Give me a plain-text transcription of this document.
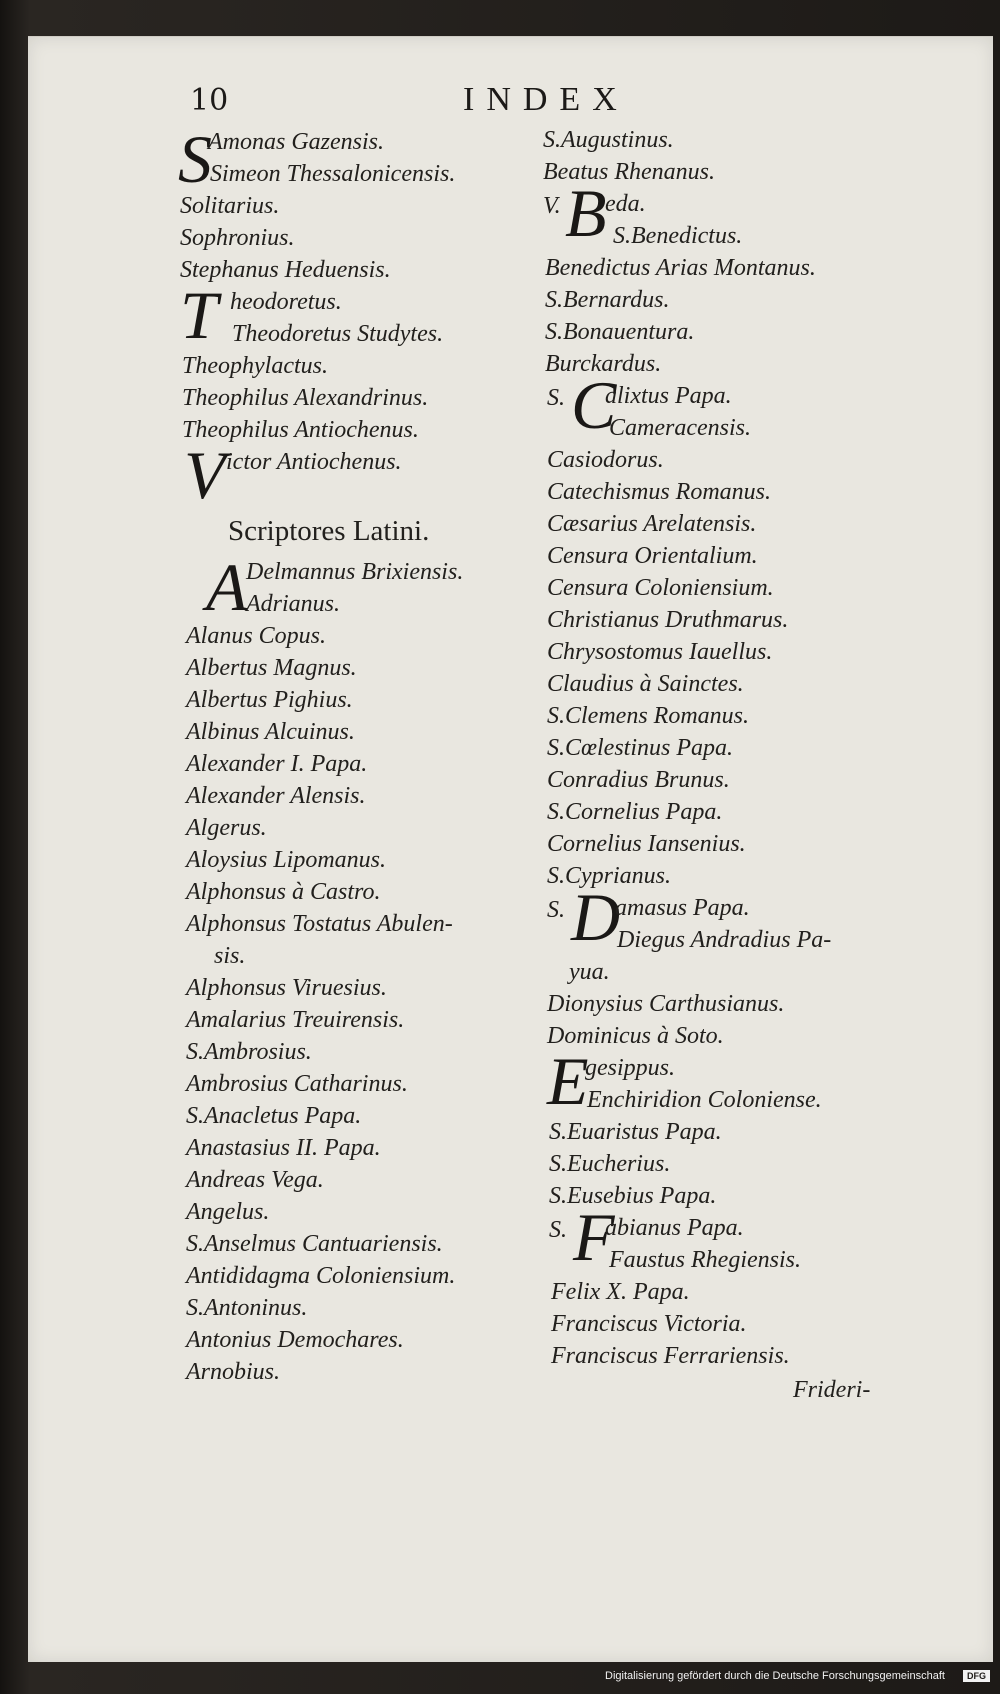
10	INDEX
S
Amonas Gazensis.
Simeon Thessalonicensis.
Solitarius.
Sophronius.
Stephanus Heduensis.
T heodoretus.
Theodoretus Studytes.
Theophylactus.
Theophilus Alexandrinus.
Theophilus Antiochenus.
V ictor Antiochenus.
Scriptores Latini.
A
Delmannus Brixiensis.
Adrianus.
Alanus Copus.
Albertus Magnus.
Albertus Pighius.
Albinus Alcuinus.
Alexander I. Papa.
Alexander Alensis.
Algerus.
Aloysius Lipomanus.
Alphonsus à Castro.
Alphonsus Tostatus Abulen-
sis.
Alphonsus Viruesius.
Amalarius Treuirensis.
S.Ambrosius.
Ambrosius Catharinus.
S.Anacletus Papa.
Anastasius II. Papa.
Andreas Vega.
Angelus.
S.Anselmus Cantuariensis.
Antididagma Coloniensium.
S.Antoninus.
Antonius Demochares.
Arnobius.
S.Augustinus.
Beatus Rhenanus.
V. B
eda.
S.Benedictus.
Benedictus Arias Montanus.
S.Bernardus.
S.Bonauentura.
Burckardus.
S. C
alixtus Papa.
Cameracensis.
Casiodorus.
Catechismus Romanus.
Cæsarius Arelatensis.
Censura Orientalium.
Censura Coloniensium.
Christianus Druthmarus.
Chrysostomus Iauellus.
Claudius à Sainctes.
S.Clemens Romanus.
S.Cœlestinus Papa.
Conradius Brunus.
S.Cornelius Papa.
Cornelius Iansenius.
S.Cyprianus.
S. D
amasus Papa.
Diegus Andradius Pa-
yua.
Dionysius Carthusianus.
Dominicus à Soto.
E
gesippus.
Enchiridion Coloniense.
S.Euaristus Papa.
S.Eucherius.
S.Eusebius Papa.
S. F
abianus Papa.
Faustus Rhegiensis.
Felix X. Papa.
Franciscus Victoria.
Franciscus Ferrariensis.
Frideri-
Digitalisierung gefördert durch die Deutsche Forschungsgemeinschaft	DFG
